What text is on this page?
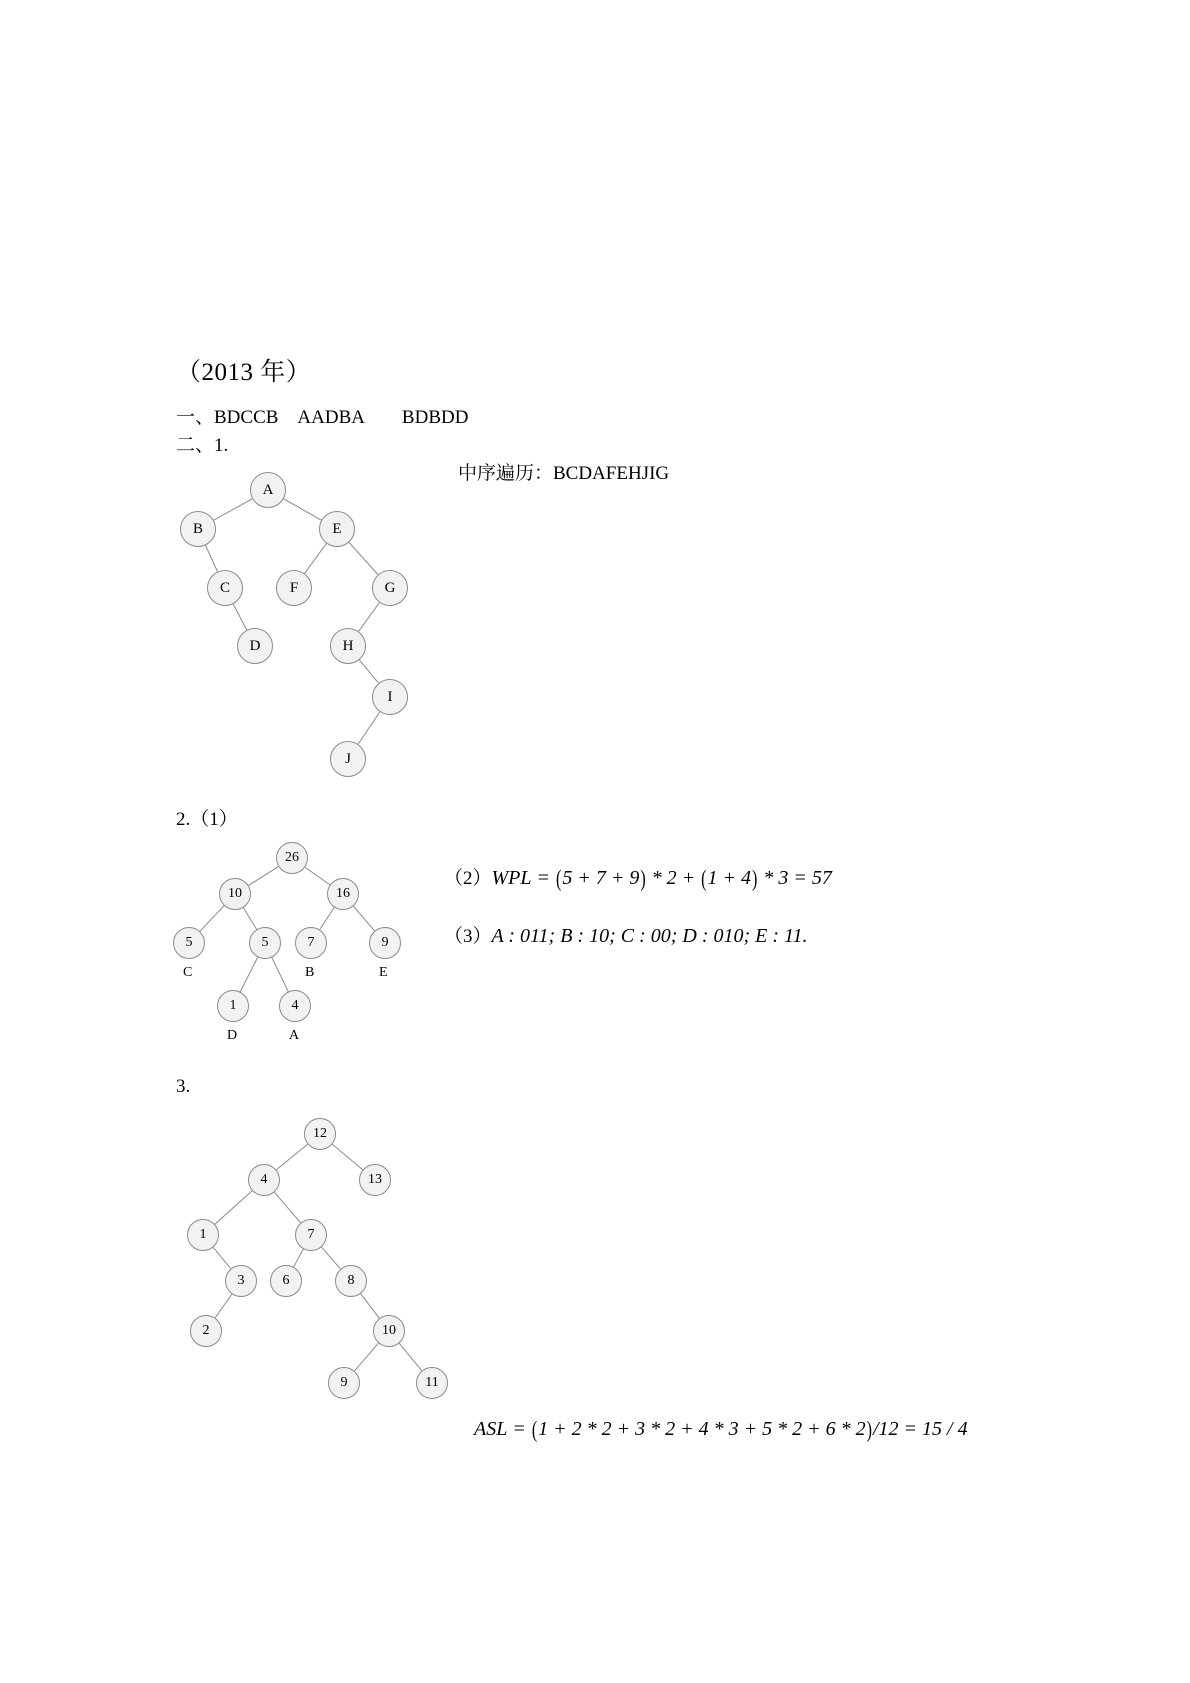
（2013 年）
一、BDCCB　AADBA　　BDBDD
二、1.
中序遍历：BCDAFEHJIG
A
B	E
C	F	G
D	H
I
J
2.（1）
26
10	16
5	5	7	9
1	4
C	B	E
D	A

（2）WPL = (5 + 7 + 9) * 2 + (1 + 4) * 3 = 57

（3）A : 011; B : 10; C : 00; D : 010; E : 11.

3.
12
4	13
1	7
3	6	8
2	10
9	11

ASL = (1 + 2 * 2 + 3 * 2 + 4 * 3 + 5 * 2 + 6 * 2)/12 = 15 / 4
